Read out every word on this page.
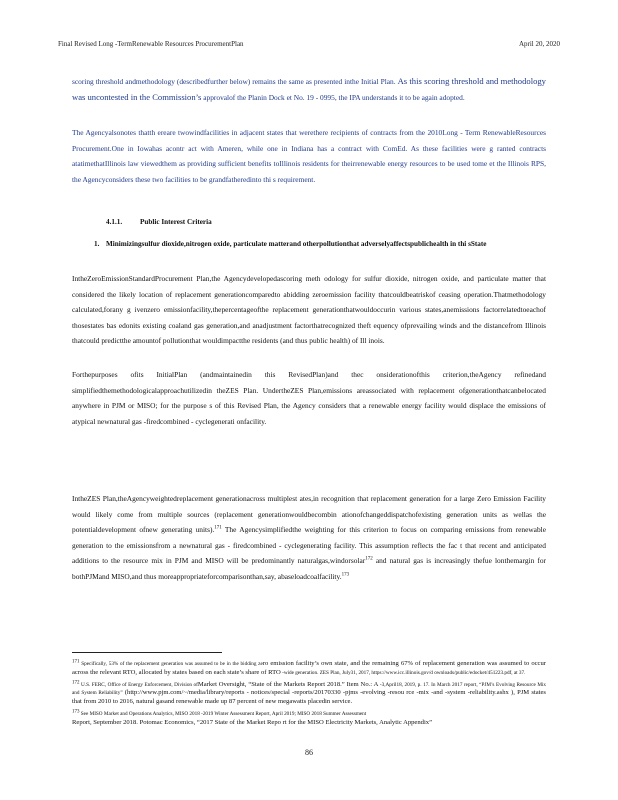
Final Revised Long -TermRenewable Resources ProcurementPlan	April 20, 2020
scoring threshold andmethodology (describedfurther below) remains the same as presented inthe Initial Plan. As this scoring threshold and methodology was uncontested in the Commission’s approvalof the Planin Dock et No. 19 - 0995, the IPA understands it to be again adopted.
The Agencyalsonotes thatth ereare twowindfacilities in adjacent states that werethere recipients of contracts from the 2010Long - Term RenewableResources Procurement.One in Iowahas acontr act with Ameren, while one in Indiana has a contract with ComEd. As these facilities were g ranted contracts atatimethatIllinois law viewedthem as providing sufficient benefits toIllinois residents for theirrenewable energy resources to be used tome et the Illinois RPS, the Agencyconsiders these two facilities to be grandfatheredinto thi s requirement.
4.1.1. Public Interest Criteria
1. Minimizingsulfur dioxide,nitrogen oxide, particulate matterand otherpollutionthat adverselyaffectspublichealth in thi sState
IntheZeroEmissionStandardProcurement Plan,the Agencydevelopedascoring meth odology for sulfur dioxide, nitrogen oxide, and particulate matter that considered the likely location of replacement generationcomparedto abidding zeroemission facility thatcouldbeatriskof ceasing operation.Thatmethodology calculated,forany g ivenzero emissionfacility,thepercentageofthe replacement generationthatwouldoccurin various states,anemissions factorrelatedtoeachof thosestates bas edonits existing coaland gas generation,and anadjustment factorthatrecognized theft equency ofprevailing winds and the distancefrom Illinois thatcould predictthe amountof pollutionthat wouldimpactthe residents (and thus public health) of Ill inois.
Forthepurposes ofits InitialPlan (andmaintainedin this RevisedPlan)and thec onsiderationofthis criterion,theAgency refinedand simplifiedthemethodologicalapproachutilizedin theZES Plan. UndertheZES Plan,emissions areassociated with replacement ofgenerationthatcanbelocated anywhere in PJM or MISO; for the purpose s of this Revised Plan, the Agency considers that a renewable energy facility would displace the emissions of atypical newnatural gas -firedcombined - cyclegenerati onfacility.
IntheZES Plan,theAgencyweightedreplacement generationacross multiplest ates,in recognition that replacement generation for a large Zero Emission Facility would likely come from multiple sources (replacement generationwouldbecombin ationofchangeddispatchofexisting generation units as wellas the potentialdevelopment ofnew generating units).$^{171}$ The Agencysimplifiedthe weighting for this criterion to focus on comparing emissions from renewable generation to the emissionsfrom a newnatural gas - firedcombined - cyclegenerating facility. This assumption reflects the fac t that recent and anticipated additions to the resource mix in PJM and MISO will be predominantly naturalgas,windorsolar$^{172}$ and natural gas is increasingly thefue lonthemargin for bothPJMand MISO,and thus moreappropriateforcomparisonthan,say, abaseloadcoalfacility.$^{173}$
$^{171}$ Specifically, 53% of the replacement generation was assumed to be in the bidding zero emission facility’s own state, and the remaining 67% of replacement generation was assumed to occur across the relevant RTO, allocated by states based on each state’s share of RTO -wide generation. ZES Plan, July31, 2017, https://www.icc.illinois.gov/d ownloads/public/edocket/451223.pdf, at 37.
$^{172}$ U.S. FERC, Office of Energy Enforcement, Division ofMarket Oversight, “State of the Markets Report 2018.” Item No.: A -3,April18, 2019, p. 17. In March 2017 report, “PJM’s Evolving Resource Mix and System Reliability” (http://www.pjm.com/~/media/library/reports - notices/special -reports/20170330 -pjms -evolving -resou rce -mix -and -system -reliability.ashx ), PJM states that from 2010 to 2016, natural gasand renewable made up 87 percent of new megawatts placedin service.
$^{173}$ See MISO Market and Operations Analytics, MISO 2018 -2019 Winter Assessment Report, April 2019; MISO 2018 Summer Assessment
Report, September 2018. Potomac Economics, “2017 State of the Market Repo rt for the MISO Electricity Markets, Analytic Appendix”
86
